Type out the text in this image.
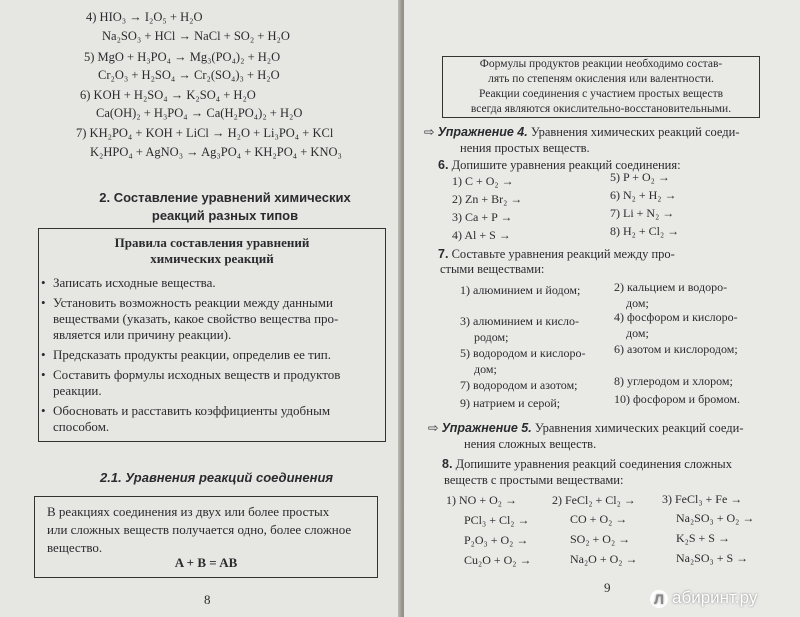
4) HIO₃ → I₂O₅ + H₂O
Na₂SO₃ + HCl → NaCl + SO₂ + H₂O
5) MgO + H₃PO₄ → Mg₃(PO₄)₂ + H₂O
Cr₂O₃ + H₂SO₄ → Cr₂(SO₄)₃ + H₂O
6) KOH + H₂SO₄ → K₂SO₄ + H₂O
Ca(OH)₂ + H₃PO₄ → Ca(H₂PO₄)₂ + H₂O
7) KH₂PO₄ + KOH + LiCl → H₂O + Li₃PO₄ + KCl
K₂HPO₄ + AgNO₃ → Ag₃PO₄ + KH₂PO₄ + KNO₃
2. Составление уравнений химических
реакций разных типов
Правила составления уравнений
химических реакций
• Записать исходные вещества.
• Установить возможность реакции между данными
веществами (указать, какое свойство вещества про-
является или причину реакции).
• Предсказать продукты реакции, определив ее тип.
• Составить формулы исходных веществ и продуктов
реакции.
• Обосновать и расставить коэффициенты удобным
способом.
2.1. Уравнения реакций соединения
В реакциях соединения из двух или более простых
или сложных веществ получается одно, более сложное
вещество.
A + B = AB
8
Формулы продуктов реакции необходимо состав-
лять по степеням окисления или валентности.
Реакции соединения с участием простых веществ
всегда являются окислительно-восстановительными.
⇨ Упражнение 4. Уравнения химических реакций соеди-
нения простых веществ.
6. Допишите уравнения реакций соединения:
1) C + O₂ →	5) P + O₂ →
2) Zn + Br₂ →	6) N₂ + H₂ →
3) Ca + P →	7) Li + N₂ →
4) Al + S →	8) H₂ + Cl₂ →
7. Составьте уравнения реакций между про-
стыми веществами:
1) алюминием и йодом;	2) кальцием и водоро-
дом;
3) алюминием и кисло-	4) фосфором и кислоро-
родом;	дом;
5) водородом и кислоро- 6) азотом и кислородом;
дом;
7) водородом и азотом;	8) углеродом и хлором;
9) натрием и серой;	10) фосфором и бромом.
⇨ Упражнение 5. Уравнения химических реакций соеди-
нения сложных веществ.
8. Допишите уравнения реакций соединения сложных
веществ с простыми веществами:
1) NO + O₂ →	2) FeCl₂ + Cl₂ → 3) FeCl₃ + Fe →
PCl₃ + Cl₂ →	CO + O₂ →	Na₂SO₃ + O₂ →
P₂O₃ + O₂ →	SO₂ + O₂ →	K₂S + S →
Cu₂O + O₂ →	Na₂O + O₂ →	Na₂SO₃ + S →
9
Л абиринт.ру
